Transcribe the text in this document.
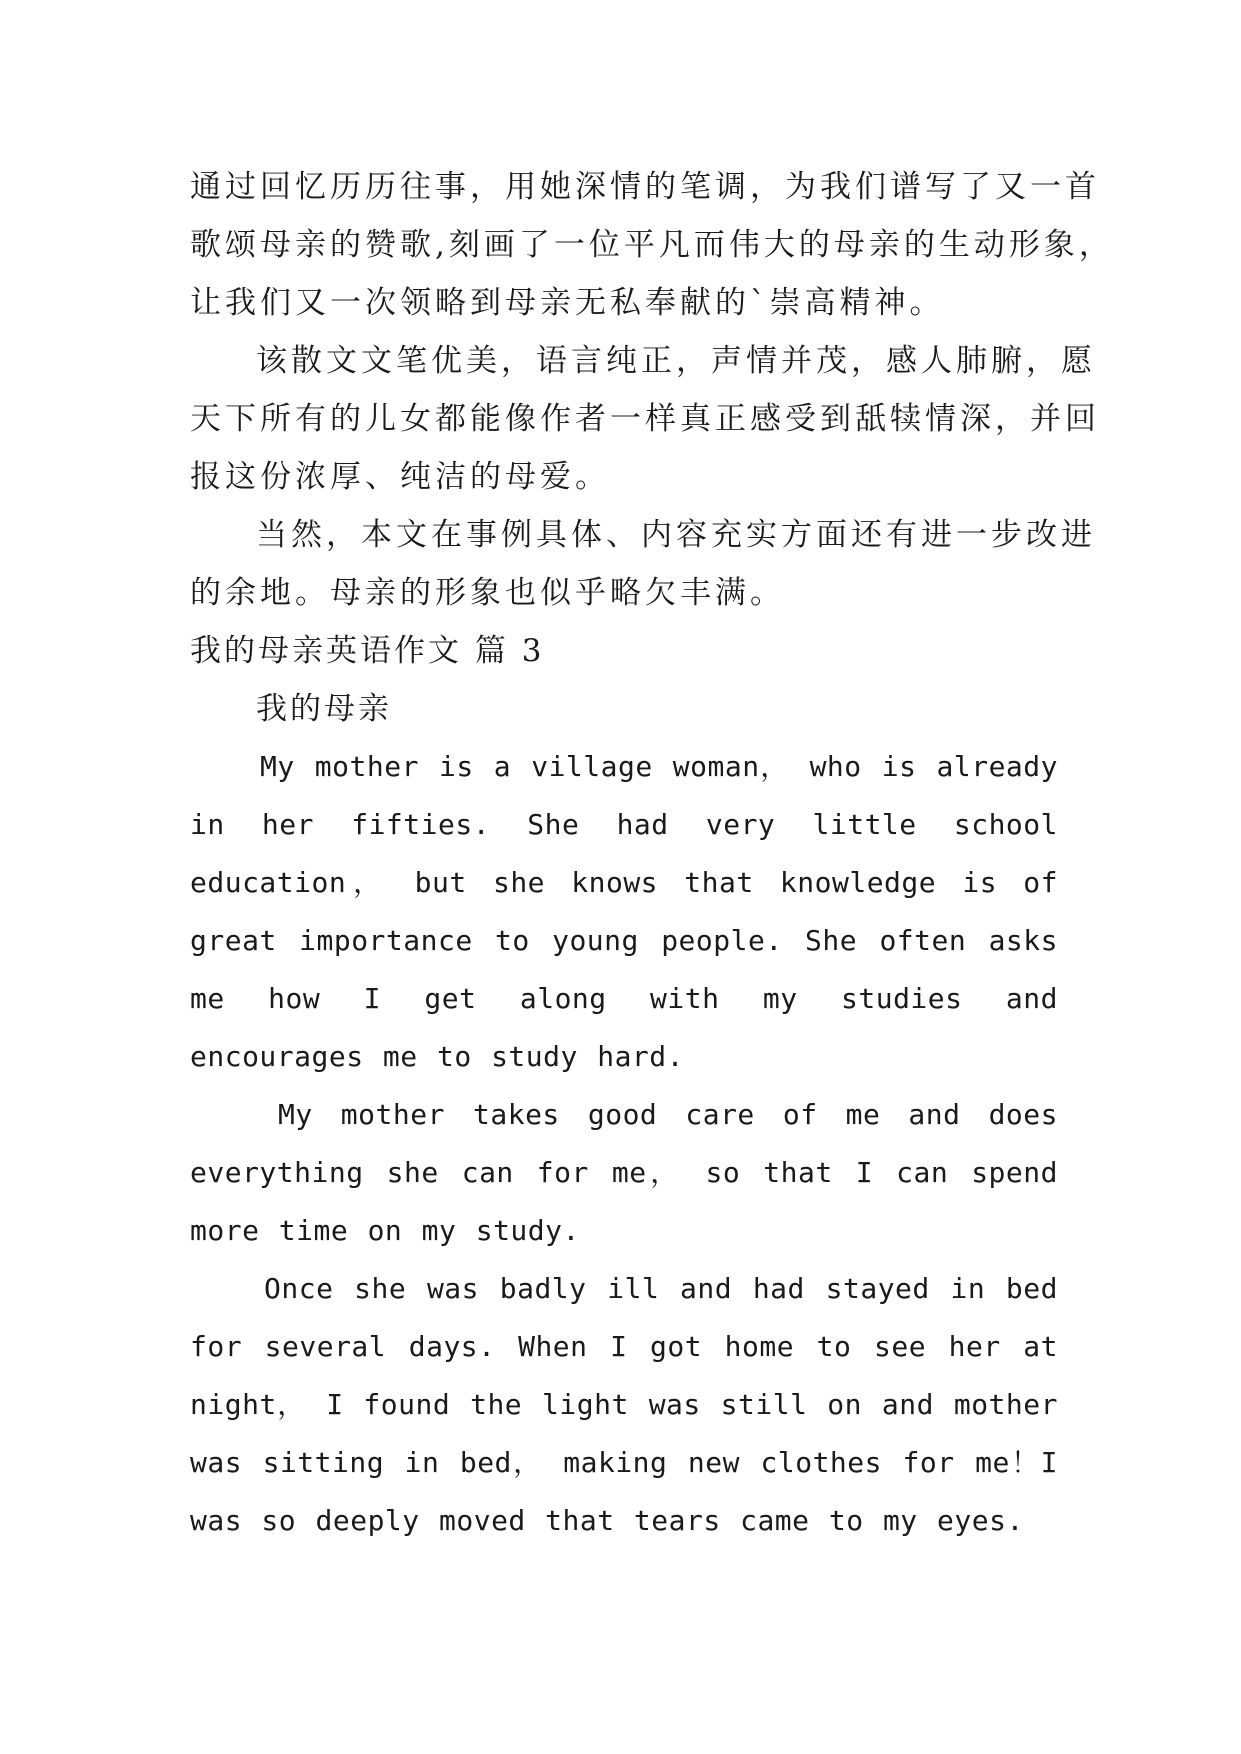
通过回忆历历往事，用她深情的笔调，为我们谱写了又一首

歌颂母亲的赞歌,刻画了一位平凡而伟大的母亲的生动形象，

让我们又一次领略到母亲无私奉献的`崇高精神。

该散文文笔优美，语言纯正，声情并茂，感人肺腑，愿

天下所有的儿女都能像作者一样真正感受到舐犊情深，并回

报这份浓厚、纯洁的母爱。

当然，本文在事例具体、内容充实方面还有进一步改进

的余地。母亲的形象也似乎略欠丰满。

我的母亲英语作文 篇 3

我的母亲

My mother is a village woman， who is already in her fifties. She had very little school education， but she knows that knowledge is of great importance to young people. She often asks me how I get along with my studies and encourages me to study hard.

My mother takes good care of me and does everything she can for me， so that I can spend more time on my study.

Once she was badly ill and had stayed in bed for several days. When I got home to see her at night， I found the light was still on and mother was sitting in bed， making new clothes for me！I was so deeply moved that tears came to my eyes.
